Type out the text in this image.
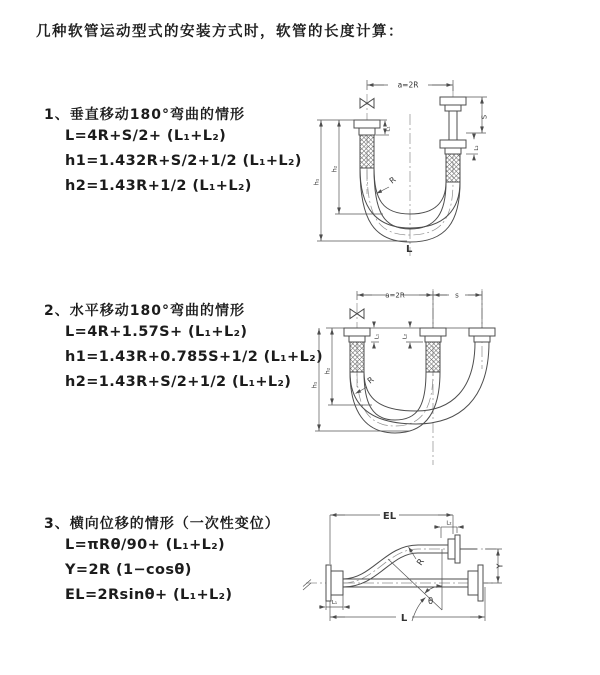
几种软管运动型式的安装方式时，软管的长度计算：
1、垂直移动180°弯曲的情形
L=4R+S/2+ (L₁+L₂)
h1=1.432R+S/2+1/2 (L₁+L₂)
h2=1.43R+1/2 (L₁+L₂)
2、水平移动180°弯曲的情形
L=4R+1.57S+ (L₁+L₂)
h1=1.43R+0.785S+1/2 (L₁+L₂)
h2=1.43R+S/2+1/2 (L₁+L₂)
3、横向位移的情形（一次性变位）
L=πRθ/90+ (L₁+L₂)
Y=2R (1−cosθ)
EL=2Rsinθ+ (L₁+L₂)
a=2R
L₁
S
L₂
h₁
h₂
R
L
a=2R	s
L₁	L₂
h₁
h₂
R
EL
L₂
Y
L
L₁	θ
R
